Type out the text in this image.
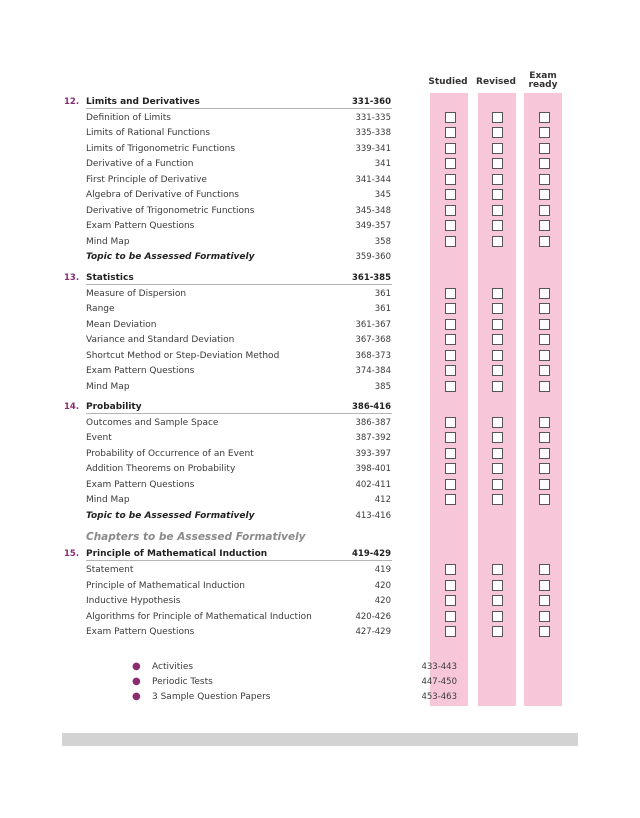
Studied Revised
Exam ready
12. Limits and Derivatives	331-360
Definition of Limits	331-335
Limits of Rational Functions	335-338
Limits of Trigonometric Functions	339-341
Derivative of a Function	341
First Principle of Derivative	341-344
Algebra of Derivative of Functions	345
Derivative of Trigonometric Functions	345-348
Exam Pattern Questions	349-357
Mind Map	358
Topic to be Assessed Formatively	359-360
13. Statistics	361-385
Measure of Dispersion	361
Range	361
Mean Deviation	361-367
Variance and Standard Deviation	367-368
Shortcut Method or Step-Deviation Method	368-373
Exam Pattern Questions	374-384
Mind Map	385
14. Probability	386-416
Outcomes and Sample Space	386-387
Event	387-392
Probability of Occurrence of an Event	393-397
Addition Theorems on Probability	398-401
Exam Pattern Questions	402-411
Mind Map	412
Topic to be Assessed Formatively	413-416
15. Principle of Mathematical Induction	419-429
Statement	419
Principle of Mathematical Induction	420
Inductive Hypothesis	420
Algorithms for Principle of Mathematical Induction	420-426
Exam Pattern Questions	427-429
● Activities	433-443
● Periodic Tests	447-450
● 3 Sample Question Papers	453-463
Chapters to be Assessed Formatively
